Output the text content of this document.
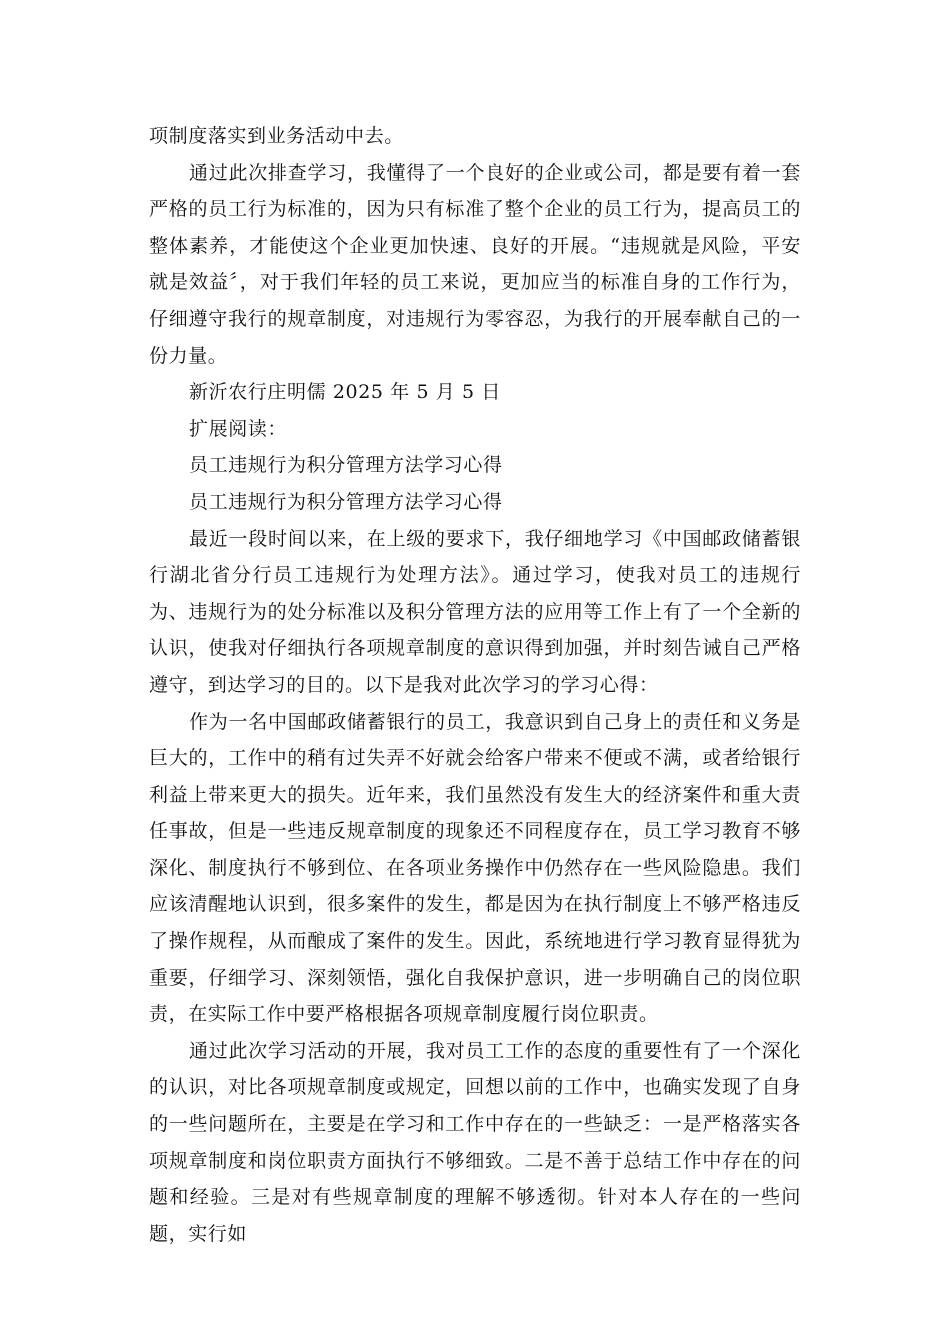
项制度落实到业务活动中去。

通过此次排查学习，我懂得了一个良好的企业或公司，都是要有着一套严格的员工行为标准的，因为只有标准了整个企业的员工行为，提高员工的整体素养，才能使这个企业更加快速、良好的开展。“违规就是风险，平安就是效益〞，对于我们年轻的员工来说，更加应当的标准自身的工作行为，仔细遵守我行的规章制度，对违规行为零容忍，为我行的开展奉献自己的一份力量。

新沂农行庄明儒 2025 年 5 月 5 日

扩展阅读：

员工违规行为积分管理方法学习心得

员工违规行为积分管理方法学习心得

最近一段时间以来，在上级的要求下，我仔细地学习《中国邮政储蓄银行湖北省分行员工违规行为处理方法》。通过学习，使我对员工的违规行为、违规行为的处分标准以及积分管理方法的应用等工作上有了一个全新的认识，使我对仔细执行各项规章制度的意识得到加强，并时刻告诫自己严格遵守，到达学习的目的。以下是我对此次学习的学习心得：

作为一名中国邮政储蓄银行的员工，我意识到自己身上的责任和义务是巨大的，工作中的稍有过失弄不好就会给客户带来不便或不满，或者给银行利益上带来更大的损失。近年来，我们虽然没有发生大的经济案件和重大责任事故，但是一些违反规章制度的现象还不同程度存在，员工学习教育不够深化、制度执行不够到位、在各项业务操作中仍然存在一些风险隐患。我们应该清醒地认识到，很多案件的发生，都是因为在执行制度上不够严格违反了操作规程，从而酿成了案件的发生。因此，系统地进行学习教育显得犹为重要，仔细学习、深刻领悟，强化自我保护意识，进一步明确自己的岗位职责，在实际工作中要严格根据各项规章制度履行岗位职责。

通过此次学习活动的开展，我对员工工作的态度的重要性有了一个深化的认识，对比各项规章制度或规定，回想以前的工作中，也确实发现了自身的一些问题所在，主要是在学习和工作中存在的一些缺乏：一是严格落实各项规章制度和岗位职责方面执行不够细致。二是不善于总结工作中存在的问题和经验。三是对有些规章制度的理解不够透彻。针对本人存在的一些问题，实行如
